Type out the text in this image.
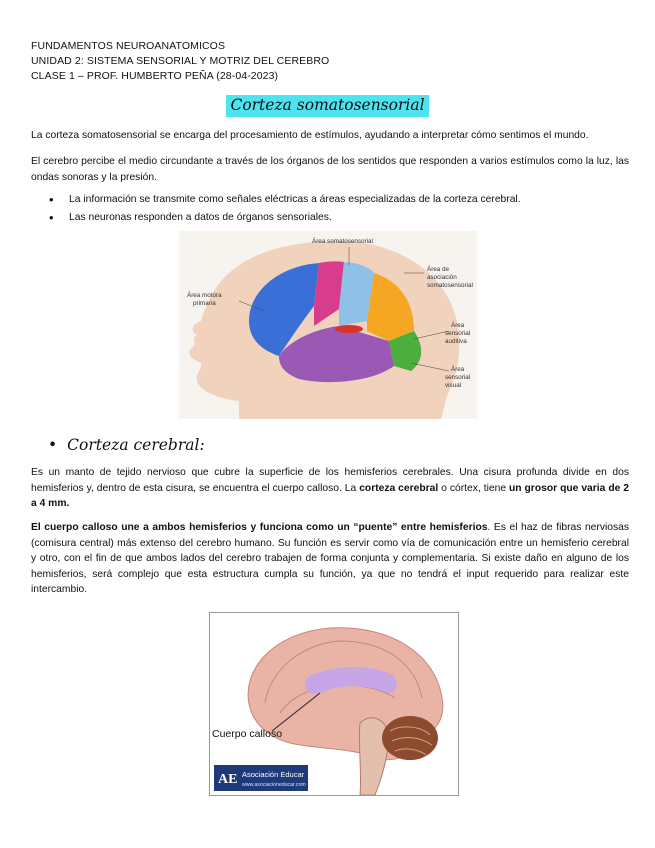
FUNDAMENTOS NEUROANATOMICOS
UNIDAD 2: SISTEMA SENSORIAL Y MOTRIZ DEL CEREBRO
CLASE 1 – PROF. HUMBERTO PEÑA (28-04-2023)
Corteza somatosensorial
La corteza somatosensorial se encarga del procesamiento de estímulos, ayudando a interpretar cómo sentimos el mundo.
El cerebro percibe el medio circundante a través de los órganos de los sentidos que responden a varios estímulos como la luz, las ondas sonoras y la presión.
• La información se transmite como señales eléctricas a áreas especializadas de la corteza cerebral.
• Las neuronas responden a datos de órganos sensoriales.
Área somatosensorial
Área de
asociación
somatosensorial
Área motora
primaria
Área
sensorial
auditiva
Área
sensorial
visual
• Corteza cerebral:
Es un manto de tejido nervioso que cubre la superficie de los hemisferios cerebrales. Una cisura profunda divide en dos hemisferios y, dentro de esta cisura, se encuentra el cuerpo calloso. La corteza cerebral o córtex, tiene un grosor que varia de 2 a 4 mm.
El cuerpo calloso une a ambos hemisferios y funciona como un “puente” entre hemisferios. Es el haz de fibras nerviosas (comisura central) más extenso del cerebro humano. Su función es servir como vía de comunicación entre un hemisferio cerebral y otro, con el fin de que ambos lados del cerebro trabajen de forma conjunta y complementaria. Si existe daño en alguno de los hemisferios, será complejo que esta estructura cumpla su función, ya que no tendrá el input requerido para realizar este intercambio.
Cuerpo calloso
AE Asociación Educar
www.asociacioneducar.com
